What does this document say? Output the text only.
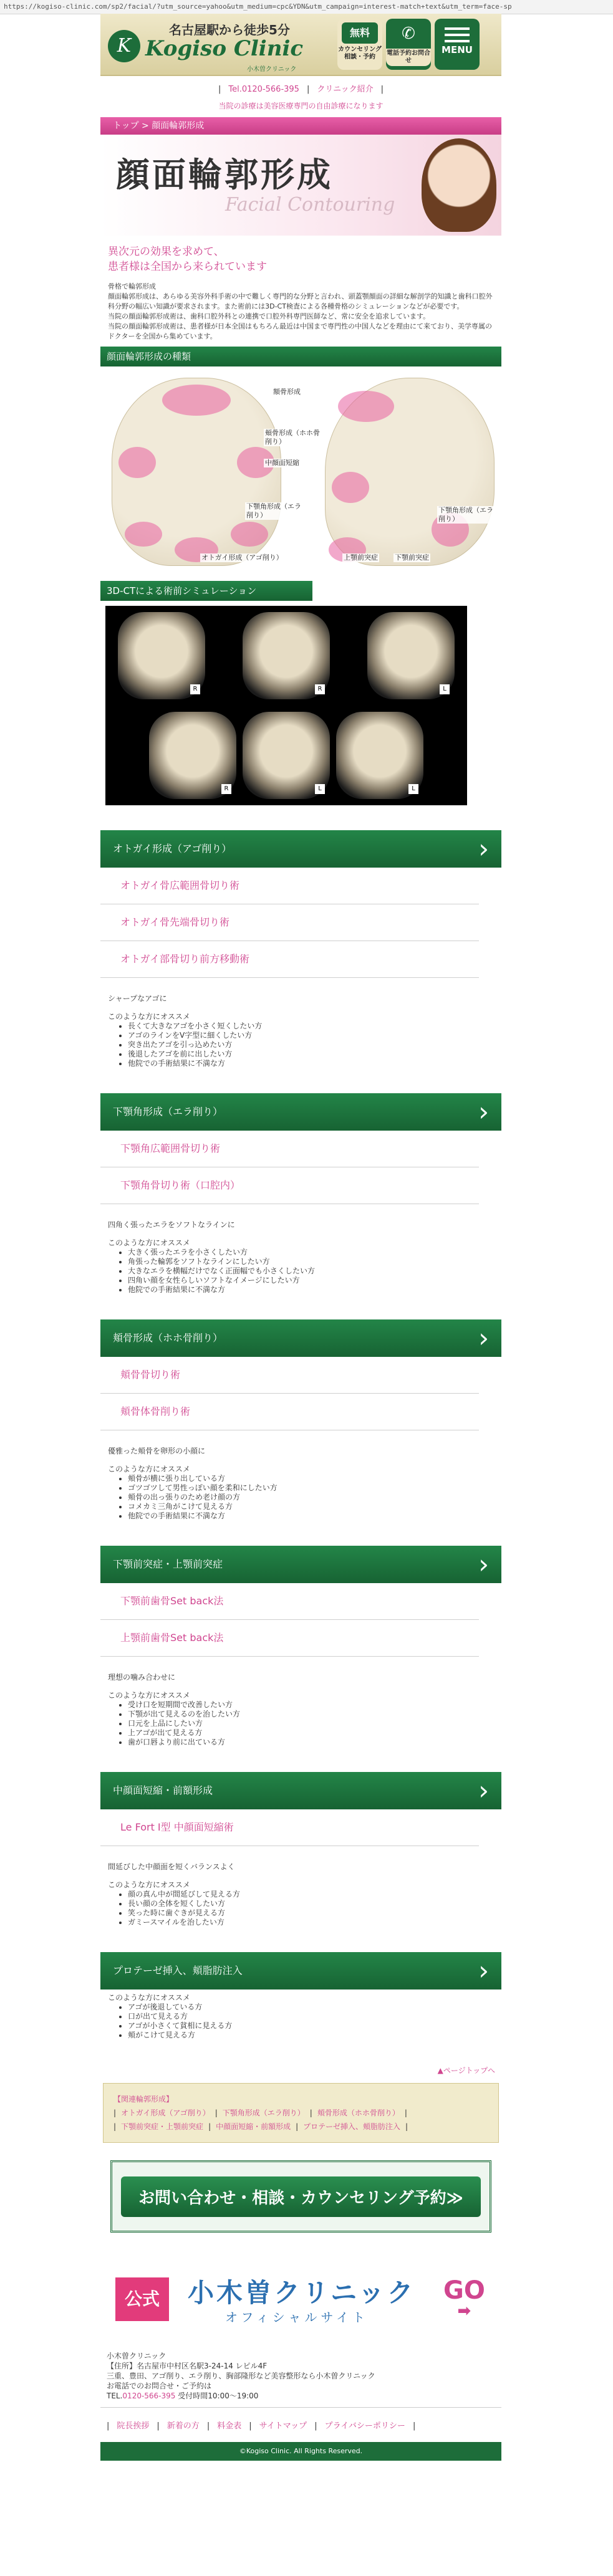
https://kogiso-clinic.com/sp2/facial/?utm_source=yahoo&utm_medium=cpc&YDN&utm_campaign=interest-match+text&utm_term=face-sp
K
名古屋駅から徒歩5分
Kogiso Clinic
小木曽クリニック
無料
カウンセリング相談・予約
✆
電話予約お問合せ
MENU
| Tel.0120-566-395 | クリニック紹介 |
当院の診療は美容医療専門の自由診療になります
トップ > 顔面輪郭形成
顔面輪郭形成
Facial Contouring
異次元の効果を求めて、
患者様は全国から来られています
骨格で輪郭形成
顔面輪郭形成は、あらゆる美容外科手術の中で難しく専門的な分野と言われ、頭蓋顎顔面の詳細な解剖学的知識と歯科口腔外科分野の幅広い知識が要求されます。また術前には3D-CT検査による各種骨格のシミュレーションなどが必要です。
当院の顔面輪郭形成術は、歯科口腔外科との連携で口腔外科専門医師など、常に安全を追求しています。
当院の顔面輪郭形成術は、患者様が日本全国はもちろん最近は中国まで専門性の中国人などを理由にて来ており、美学専属のドクターを全国から集めています。
顔面輪郭形成の種類
額骨形成
頬骨形成（ホホ骨削り）
中顔面短縮
下顎角形成（エラ削り）
オトガイ形成（アゴ削り）
下顎角形成（エラ削り）
上顎前突症 下顎前突症
3D-CTによる術前シミュレーション
R	R	L
R	L	L
オトガイ形成（アゴ削り）	›
オトガイ骨広範囲骨切り術
オトガイ骨先端骨切り術
オトガイ部骨切り前方移動術
シャープなアゴに
このような方にオススメ
• 長くて大きなアゴを小さく短くしたい方
• アゴのラインをV字型に細くしたい方
• 突き出たアゴを引っ込めたい方
• 後退したアゴを前に出したい方
• 他院での手術結果に不満な方
下顎角形成（エラ削り）	›
下顎角広範囲骨切り術
下顎角骨切り術（口腔内）
四角く張ったエラをソフトなラインに
このような方にオススメ
• 大きく張ったエラを小さくしたい方
• 角張った輪郭をソフトなラインにしたい方
• 大きなエラを横幅だけでなく正面幅でも小さくしたい方
• 四角い顔を女性らしいソフトなイメージにしたい方
• 他院での手術結果に不満な方
頬骨形成（ホホ骨削り）	›
頬骨骨切り術
頬骨体骨削り術
優雅った頬骨を卵形の小顔に
このような方にオススメ
• 頬骨が横に張り出している方
• ゴツゴツして男性っぽい顔を柔和にしたい方
• 頬骨の出っ張りのため老け顔の方
• コメカミ三角がこけて見える方
• 他院での手術結果に不満な方
下顎前突症・上顎前突症	›
下顎前歯骨Set back法
上顎前歯骨Set back法
理想の噛み合わせに
このような方にオススメ
• 受け口を短期間で改善したい方
• 下顎が出て見えるのを治したい方
• 口元を上品にしたい方
• 上アゴが出て見える方
• 歯が口唇より前に出ている方
中顔面短縮・前額形成	›
Le Fort Ⅰ型 中顔面短縮術
間延びした中顔面を短くバランスよく
このような方にオススメ
• 顔の真ん中が間延びして見える方
• 長い顔の全体を短くしたい方
• 笑った時に歯ぐきが見える方
• ガミースマイルを治したい方
プロテーゼ挿入、頬脂肪注入	›
このような方にオススメ
• アゴが後退している方
• 口が出て見える方
• アゴが小さくて貧相に見える方
• 頬がこけて見える方
▲ページトップへ
【関連輪郭形成】
| オトガイ形成（アゴ削り） | 下顎角形成（エラ削り） | 頬骨形成（ホホ骨削り） |
| 下顎前突症・上顎前突症 | 中顔面短縮・前額形成 | プロテーゼ挿入、頬脂肪注入 |
お問い合わせ・相談・カウンセリング予約≫
公式	小木曽クリニック
オフィシャルサイト
GO
➡
小木曽クリニック
【住所】名古屋市中村区名駅3-24-14 レピル4F
三重、豊田、アゴ削り、エラ削り、胸部隆形など美容整形なら小木曽クリニック
お電話でのお問合せ・ご予約は
TEL.0120-566-395 受付時間10:00〜19:00
| 院長挨拶 | 新着の方 | 料金表 | サイトマップ | プライバシーポリシー |
©Kogiso Clinic. All Rights Reserved.
